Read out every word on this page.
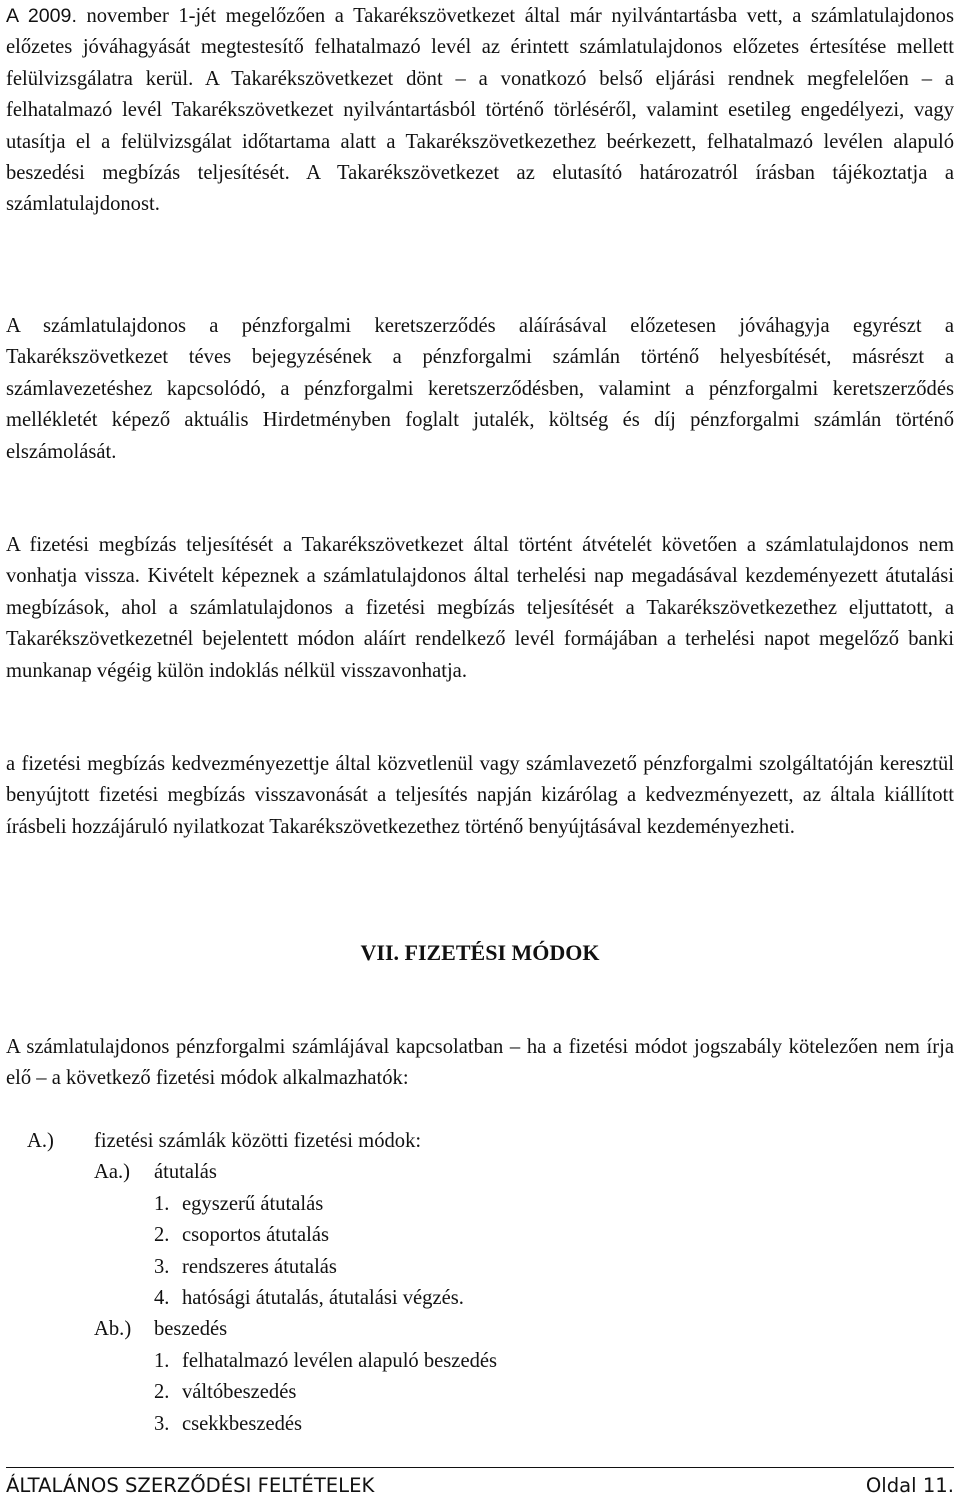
A 2009. november 1-jét megelőzően a Takarékszövetkezet által már nyilvántartásba vett, a számlatulajdonos előzetes jóváhagyását megtestesítő felhatalmazó levél az érintett számlatulajdonos előzetes értesítése mellett felülvizsgálatra kerül. A Takarékszövetkezet dönt – a vonatkozó belső eljárási rendnek megfelelően – a felhatalmazó levél Takarékszövetkezet nyilvántartásból történő törléséről, valamint esetileg engedélyezi, vagy utasítja el a felülvizsgálat időtartama alatt a Takarékszövetkezethez beérkezett, felhatalmazó levélen alapuló beszedési megbízás teljesítését. A Takarékszövetkezet az elutasító határozatról írásban tájékoztatja a számlatulajdonost.

A számlatulajdonos a pénzforgalmi keretszerződés aláírásával előzetesen jóváhagyja egyrészt a Takarékszövetkezet téves bejegyzésének a pénzforgalmi számlán történő helyesbítését, másrészt a számlavezetéshez kapcsolódó, a pénzforgalmi keretszerződésben, valamint a pénzforgalmi keretszerződés mellékletét képező aktuális Hirdetményben foglalt jutalék, költség és díj pénzforgalmi számlán történő elszámolását.

A fizetési megbízás teljesítését a Takarékszövetkezet által történt átvételét követően a számlatulajdonos nem vonhatja vissza. Kivételt képeznek a számlatulajdonos által terhelési nap megadásával kezdeményezett átutalási megbízások, ahol a számlatulajdonos a fizetési megbízás teljesítését a Takarékszövetkezethez eljuttatott, a Takarékszövetkezetnél bejelentett módon aláírt rendelkező levél formájában a terhelési napot megelőző banki munkanap végéig külön indoklás nélkül visszavonhatja.

a fizetési megbízás kedvezményezettje által közvetlenül vagy számlavezető pénzforgalmi szolgáltatóján keresztül benyújtott fizetési megbízás visszavonását a teljesítés napján kizárólag a kedvezményezett, az általa kiállított írásbeli hozzájáruló nyilatkozat Takarékszövetkezethez történő benyújtásával kezdeményezheti.

VII. FIZETÉSI MÓDOK

A számlatulajdonos pénzforgalmi számlájával kapcsolatban – ha a fizetési módot jogszabály kötelezően nem írja elő – a következő fizetési módok alkalmazhatók:

A.) fizetési számlák közötti fizetési módok:
Aa.) átutalás
1. egyszerű átutalás
2. csoportos átutalás
3. rendszeres átutalás
4. hatósági átutalás, átutalási végzés.
Ab.) beszedés
1. felhatalmazó levélen alapuló beszedés
2. váltóbeszedés
3. csekkbeszedés
ÁLTALÁNOS SZERZŐDÉSI FELTÉTELEK	Oldal 11.
